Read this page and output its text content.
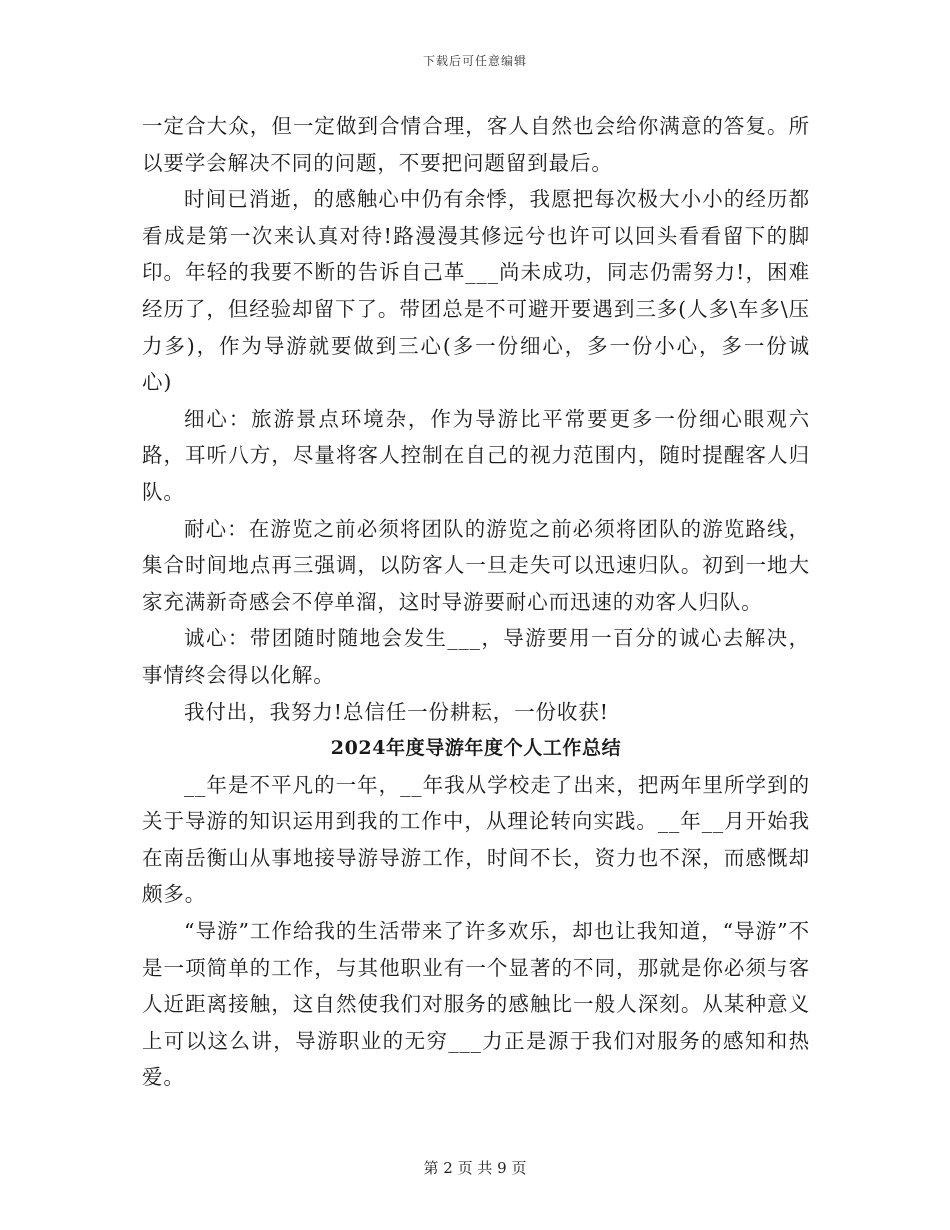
下载后可任意编辑

一定合大众，但一定做到合情合理，客人自然也会给你满意的答复。所以要学会解决不同的问题，不要把问题留到最后。

时间已消逝，的感触心中仍有余悸，我愿把每次极大小小的经历都看成是第一次来认真对待!路漫漫其修远兮也许可以回头看看留下的脚印。年轻的我要不断的告诉自己革___尚未成功，同志仍需努力!，困难经历了，但经验却留下了。带团总是不可避开要遇到三多(人多\车多\压力多)，作为导游就要做到三心(多一份细心，多一份小心，多一份诚心)

细心：旅游景点环境杂，作为导游比平常要更多一份细心眼观六路，耳听八方，尽量将客人控制在自己的视力范围内，随时提醒客人归队。

耐心：在游览之前必须将团队的游览之前必须将团队的游览路线，集合时间地点再三强调，以防客人一旦走失可以迅速归队。初到一地大家充满新奇感会不停单溜，这时导游要耐心而迅速的劝客人归队。

诚心：带团随时随地会发生___，导游要用一百分的诚心去解决，事情终会得以化解。

我付出，我努力!总信任一份耕耘，一份收获!

2024年度导游年度个人工作总结

__年是不平凡的一年，__年我从学校走了出来，把两年里所学到的关于导游的知识运用到我的工作中，从理论转向实践。__年__月开始我在南岳衡山从事地接导游导游工作，时间不长，资力也不深，而感慨却颇多。

“导游”工作给我的生活带来了许多欢乐，却也让我知道，“导游”不是一项简单的工作，与其他职业有一个显著的不同，那就是你必须与客人近距离接触，这自然使我们对服务的感触比一般人深刻。从某种意义上可以这么讲，导游职业的无穷___力正是源于我们对服务的感知和热爱。

第 2 页 共 9 页
